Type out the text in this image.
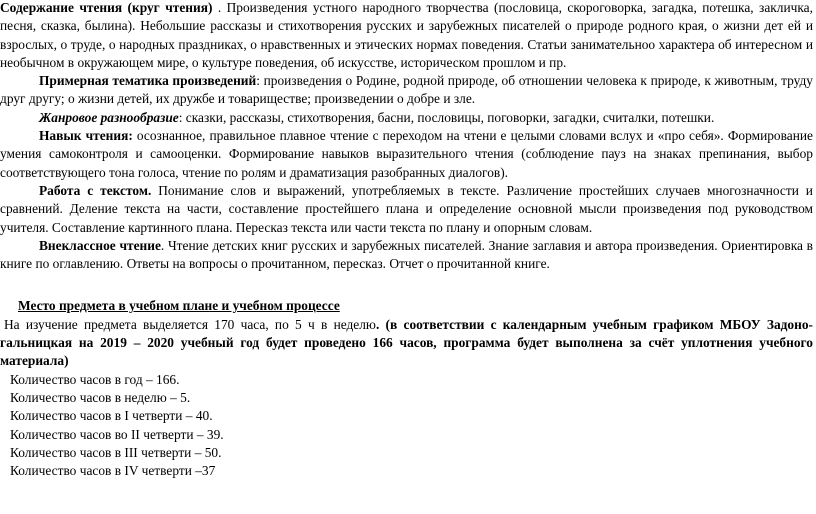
Содержание чтения (круг чтения) . Произведения устного народного творчества (пословица, скороговорка, загадка, потешка, закличка, песня, сказка, былина). Небольшие рассказы и стихотворения русских и зарубежных писателей о природе родного края, о жизни дет ей и взрослых, о труде, о народных праздниках, о нравственных и этических нормах поведения. Статьи занимательноо характера об интересном и необычном в окружающем мире, о культуре поведения, об искусстве, историческом прошлом и пр.

Примерная тематика произведений: произведения о Родине, родной природе, об отношении человека к природе, к животным, труду друг другу; о жизни детей, их дружбе и товариществе; произведении о добре и зле.

Жанровое разнообразие: сказки, рассказы, стихотворения, басни, пословицы, поговорки, загадки, считалки, потешки.

Навык чтения: осознанное, правильное плавное чтение с переходом на чтени е целыми словами вслух и «про себя». Формирование умения самоконтроля и самооценки. Формирование навыков выразительного чтения (соблюдение пауз на знаках препинания, выбор соответствующего тона голоса, чтение по ролям и драматизация разобранных диалогов).

Работа с текстом. Понимание слов и выражений, употребляемых в тексте. Различение простейших случаев многозначности и сравнений. Деление текста на части, составление простейшего плана и определение основной мысли произведения под руководством учителя. Составление картинного плана. Пересказ текста или части текста по плану и опорным словам.

Внеклассное чтение. Чтение детских книг русских и зарубежных писателей. Знание заглавия и автора произведения. Ориентировка в книге по оглавлению. Ответы на вопросы о прочитанном, пересказ. Отчет о прочитанной книге.

Место предмета в учебном плане и учебном процессе

На изучение предмета выделяется 170 часа, по 5 ч в неделю. (в соответствии с календарным учебным графиком МБОУ Задоно-гальницкая на 2019 – 2020 учебный год будет проведено 166 часов, программа будет выполнена за счёт уплотнения учебного материала)

Количество часов в год – 166.
Количество часов в неделю – 5.
Количество часов в I четверти – 40.
Количество часов во II четверти – 39.
Количество часов в III четверти – 50.
Количество часов в IV четверти –37
